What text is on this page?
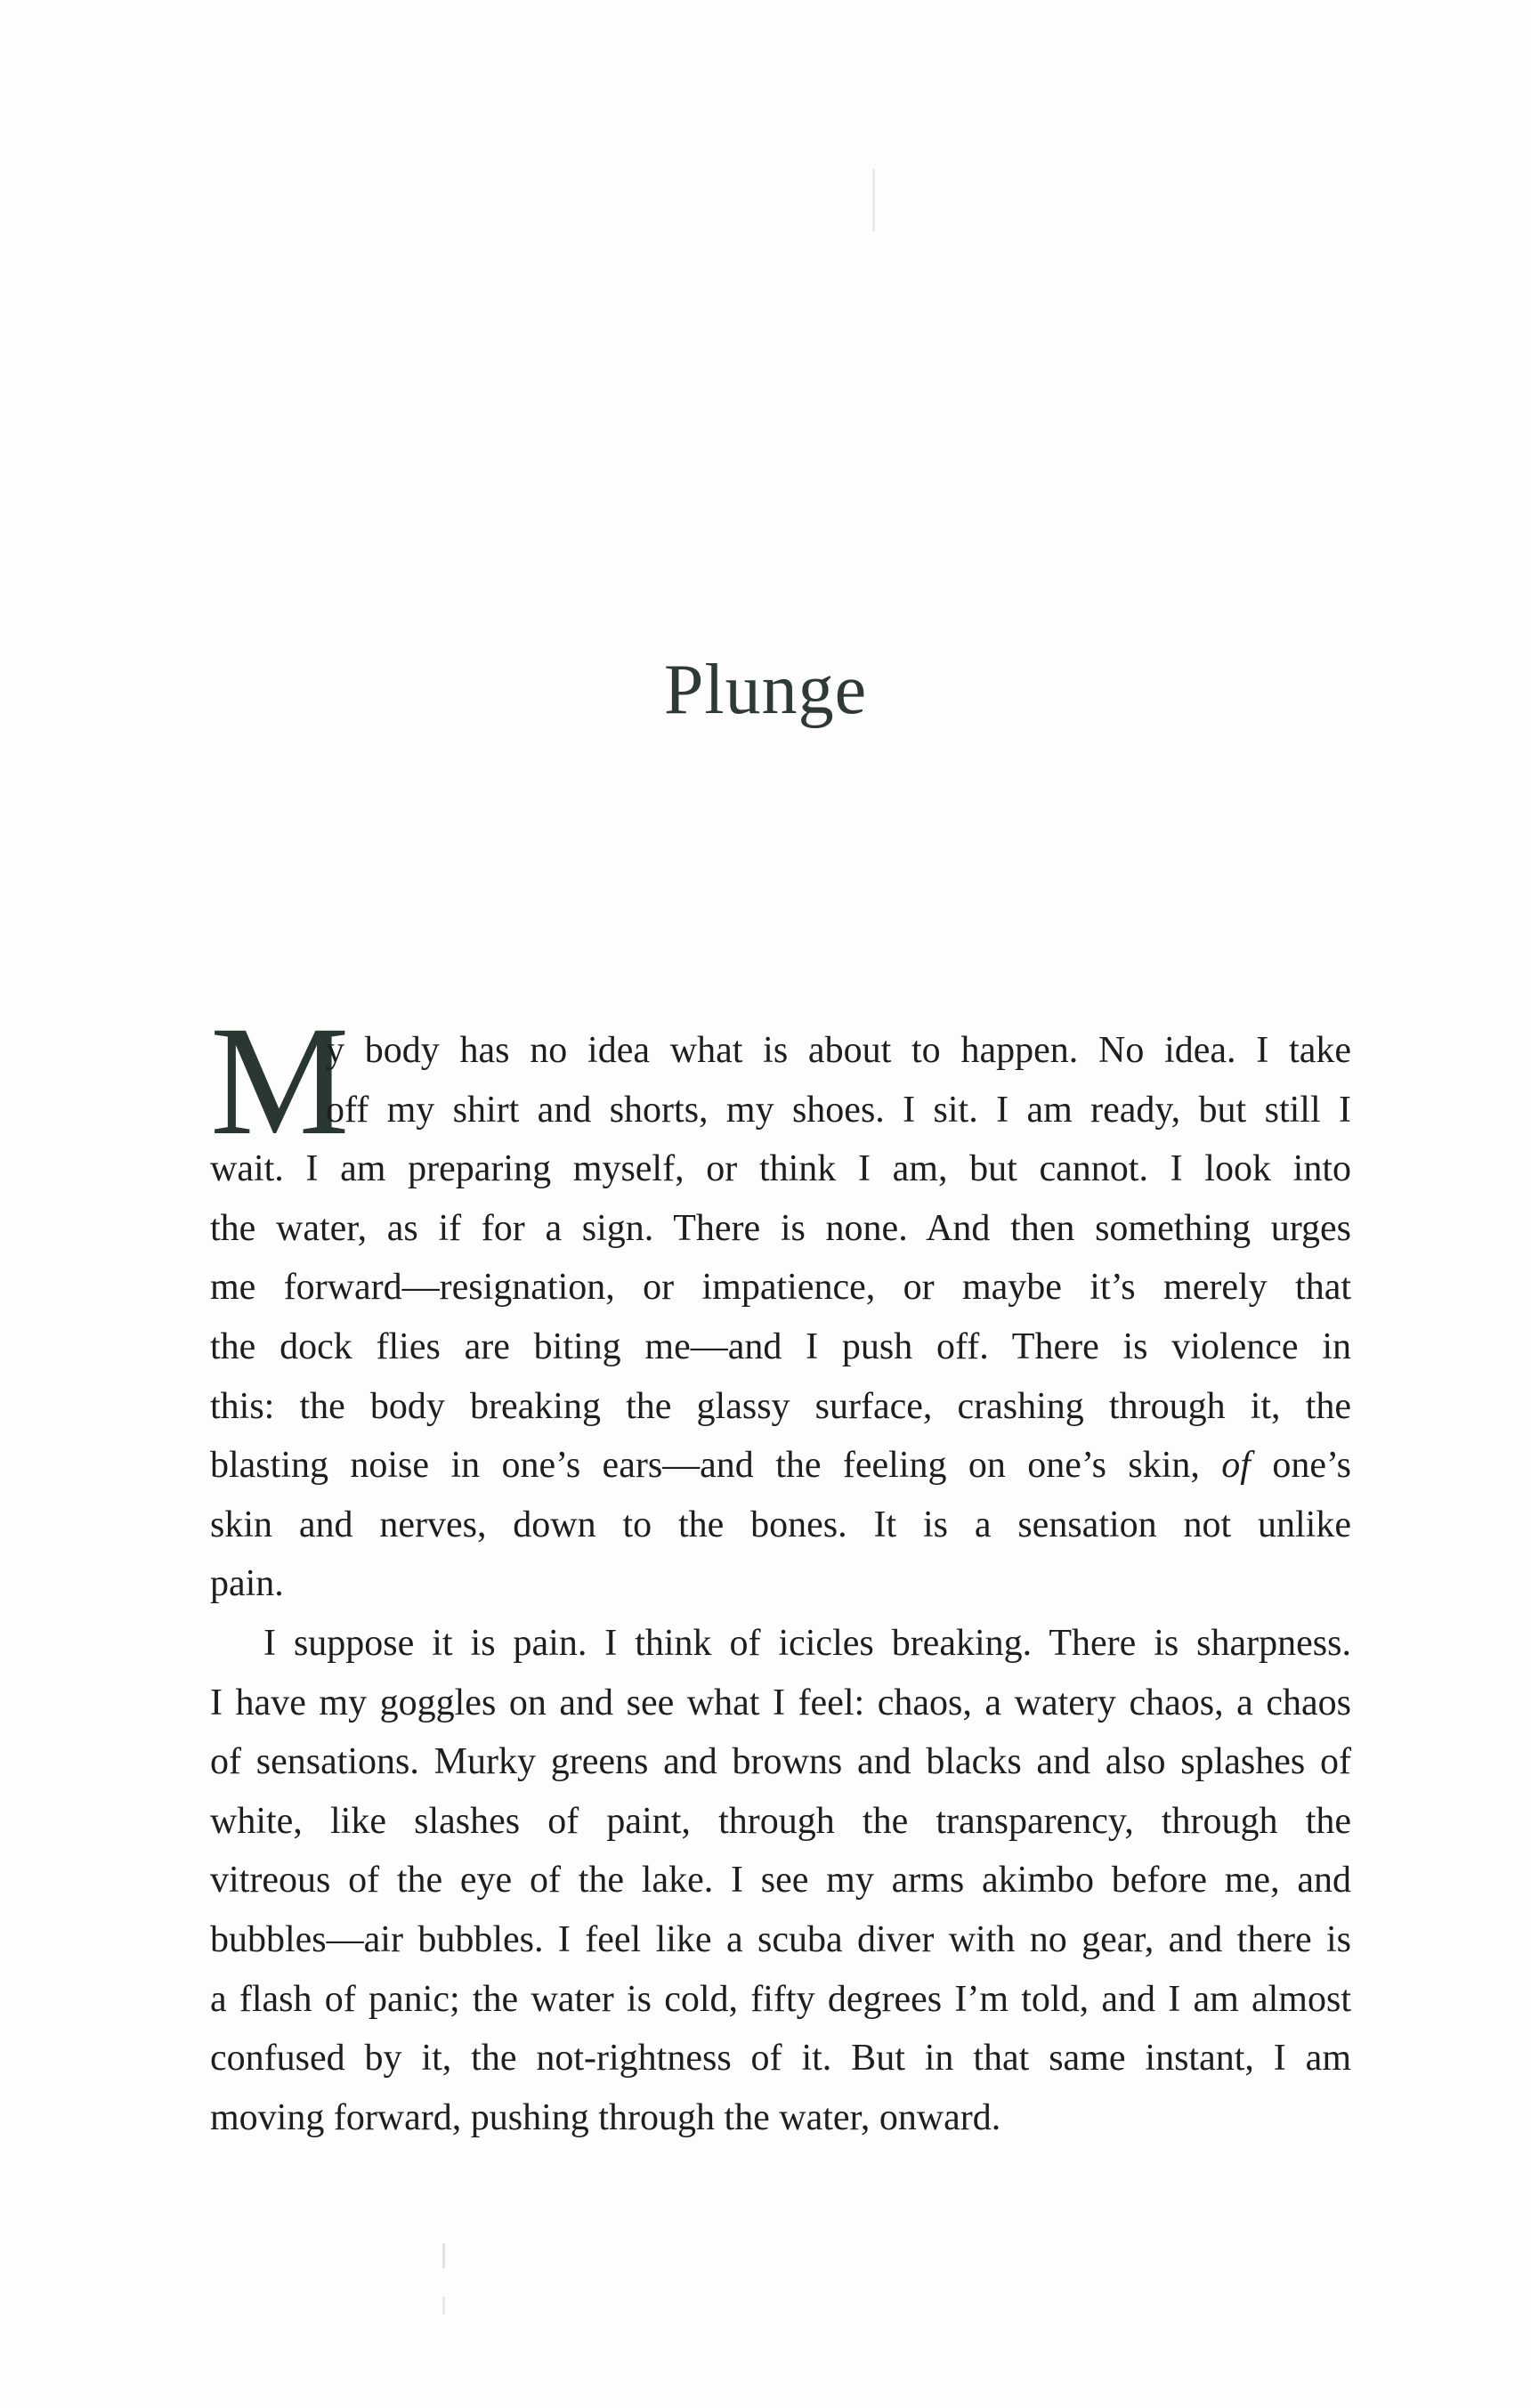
Plunge
M

y body has no idea what is about to happen. No idea. I take
off my shirt and shorts, my shoes. I sit. I am ready, but still I
wait. I am preparing myself, or think I am, but cannot. I look into
the water, as if for a sign. There is none. And then something urges
me forward—resignation, or impatience, or maybe it’s merely that
the dock flies are biting me—and I push off. There is violence in
this: the body breaking the glassy surface, crashing through it, the
blasting noise in one’s ears—and the feeling on one’s skin, of one’s
skin and nerves, down to the bones. It is a sensation not unlike
pain.

I suppose it is pain. I think of icicles breaking. There is sharpness.
I have my goggles on and see what I feel: chaos, a watery chaos, a chaos
of sensations. Murky greens and browns and blacks and also splashes of
white, like slashes of paint, through the transparency, through the
vitreous of the eye of the lake. I see my arms akimbo before me, and
bubbles—air bubbles. I feel like a scuba diver with no gear, and there is
a flash of panic; the water is cold, fifty degrees I’m told, and I am almost
confused by it, the not-rightness of it. But in that same instant, I am
moving forward, pushing through the water, onward.
